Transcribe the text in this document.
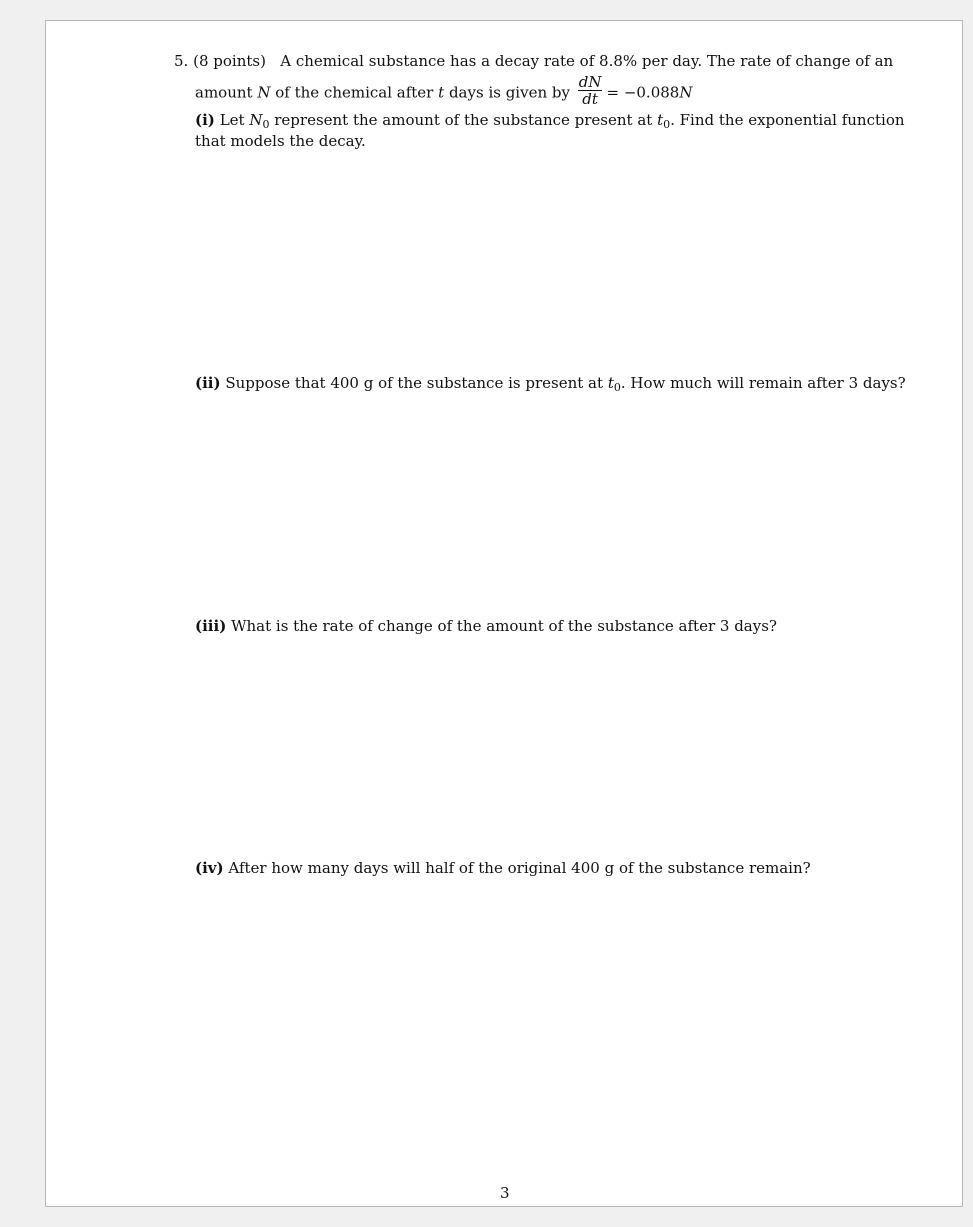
5. (8 points) A chemical substance has a decay rate of 8.8% per day. The rate of change of an
amount N of the chemical after t days is given by $\frac{dN}{dt} = -0.088N$
(i) Let $N_0$ represent the amount of the substance present at $t_0$. Find the exponential function
that models the decay.
(ii) Suppose that 400 g of the substance is present at $t_0$. How much will remain after 3 days?
(iii) What is the rate of change of the amount of the substance after 3 days?
(iv) After how many days will half of the original 400 g of the substance remain?
3
